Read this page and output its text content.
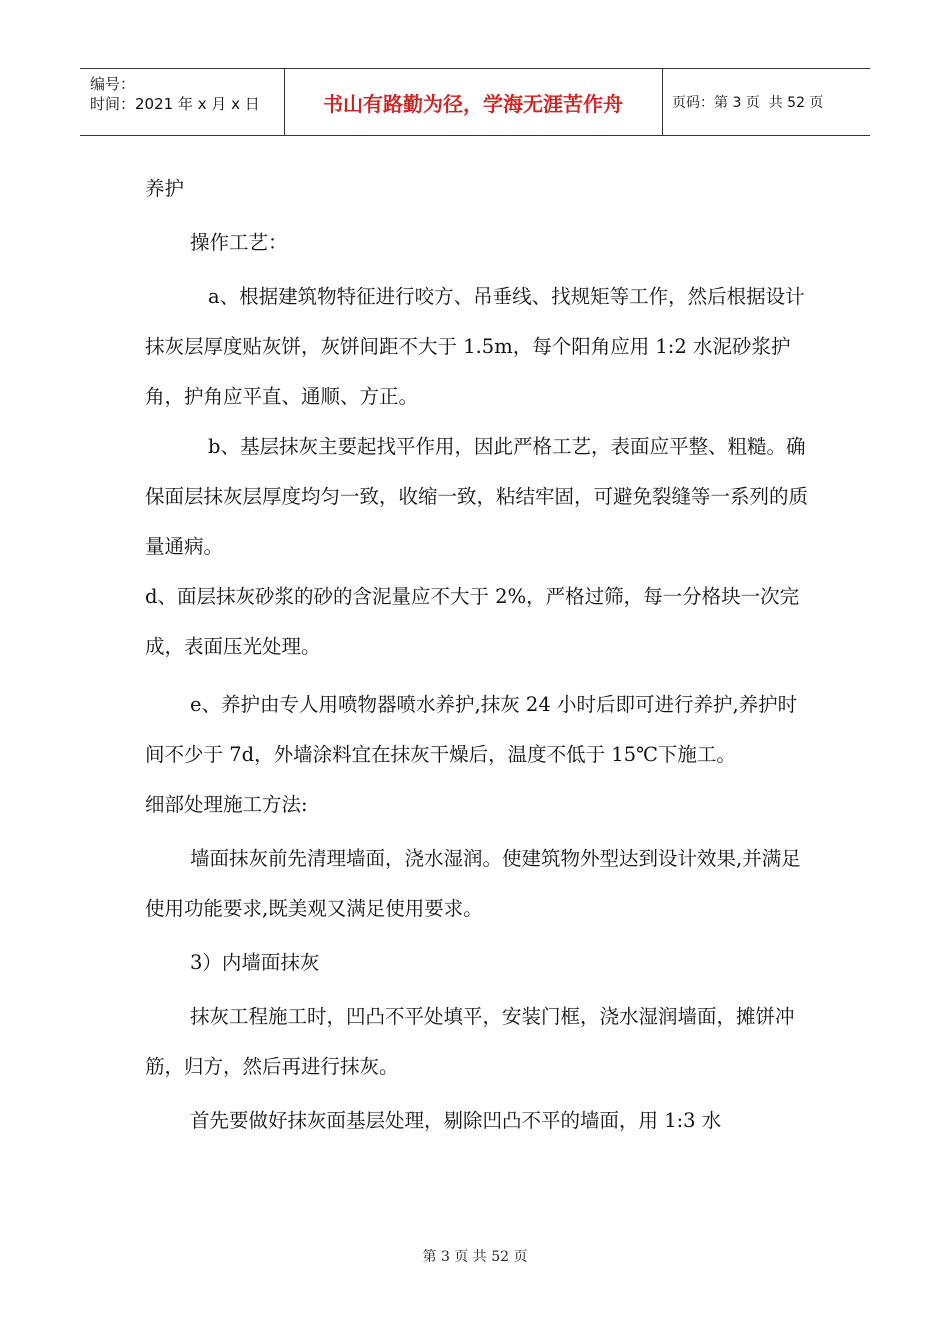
编号：
时间：2021 年 x 月 x 日	书山有路勤为径，学海无涯苦作舟	页码：第 3 页  共 52 页

养护

操作工艺：

a、根据建筑物特征进行咬方、吊垂线、找规矩等工作，然后根据设计抹灰层厚度贴灰饼，灰饼间距不大于 1.5m，每个阳角应用 1:2 水泥砂浆护角，护角应平直、通顺、方正。

b、基层抹灰主要起找平作用，因此严格工艺，表面应平整、粗糙。确保面层抹灰层厚度均匀一致，收缩一致，粘结牢固，可避免裂缝等一系列的质量通病。

d、面层抹灰砂浆的砂的含泥量应不大于 2%，严格过筛，每一分格块一次完成，表面压光处理。

e、养护由专人用喷物器喷水养护,抹灰 24 小时后即可进行养护,养护时间不少于 7d，外墙涂料宜在抹灰干燥后，温度不低于 15℃下施工。

细部处理施工方法:

墙面抹灰前先清理墙面，浇水湿润。使建筑物外型达到设计效果,并满足使用功能要求,既美观又满足使用要求。

3）内墙面抹灰

抹灰工程施工时，凹凸不平处填平，安装门框，浇水湿润墙面，摊饼冲筋，归方，然后再进行抹灰。

首先要做好抹灰面基层处理，剔除凹凸不平的墙面，用 1:3 水

第 3 页 共 52 页
